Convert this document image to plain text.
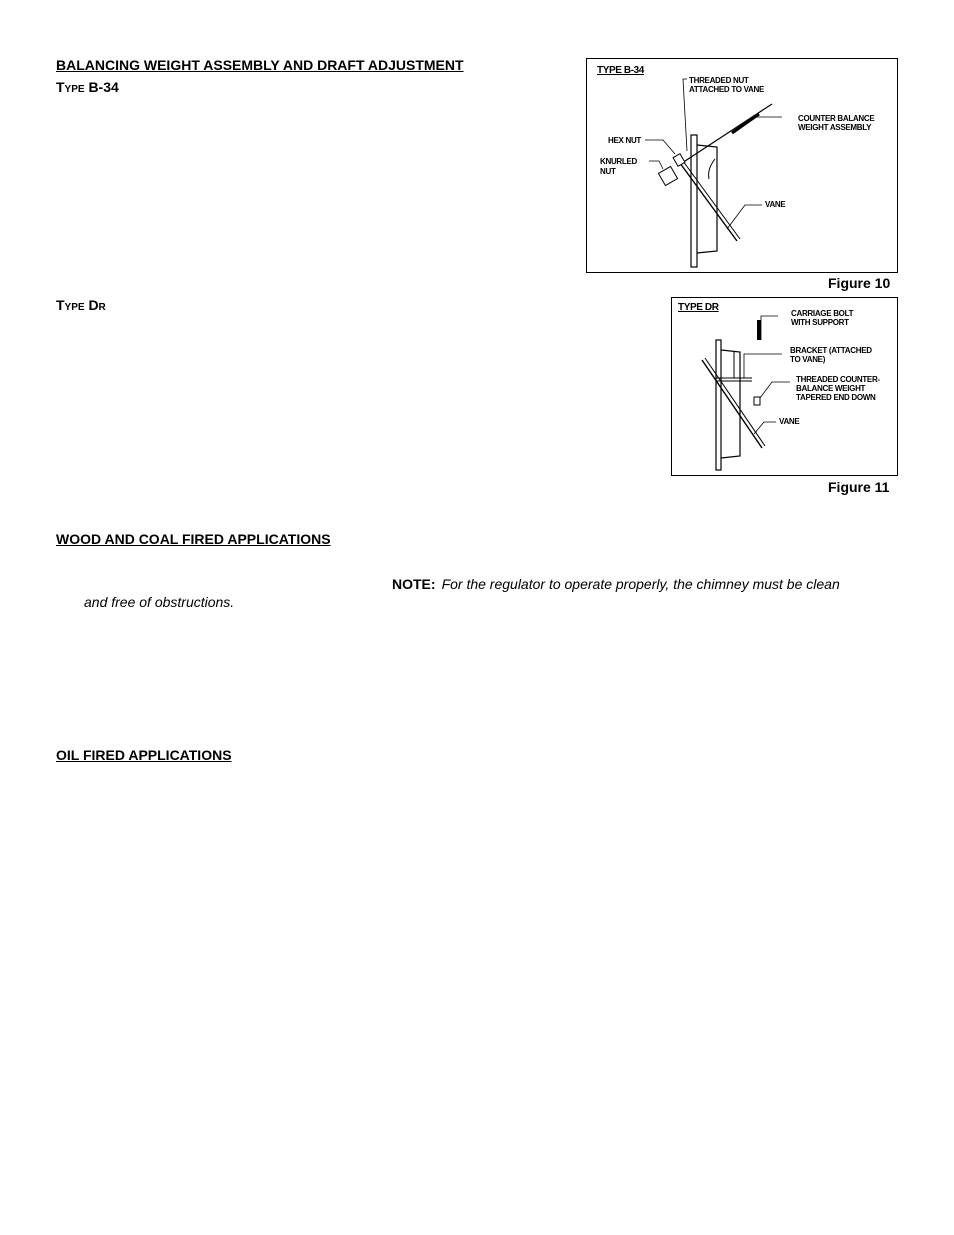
BALANCING WEIGHT ASSEMBLY AND DRAFT ADJUSTMENT
Type B-34
TYPE B-34
THREADED NUT
ATTACHED TO VANE
COUNTER BALANCE
WEIGHT ASSEMBLY
HEX NUT
KNURLED
NUT
VANE
Figure 10
Type Dr	TYPE DR
CARRIAGE BOLT
WITH SUPPORT
BRACKET (ATTACHED
TO VANE)
THREADED COUNTER-
BALANCE WEIGHT
TAPERED END DOWN
VANE
Figure 11
WOOD AND COAL FIRED APPLICATIONS
NOTE: For the regulator to operate properly, the chimney must be clean
and free of obstructions.
OIL FIRED APPLICATIONS
